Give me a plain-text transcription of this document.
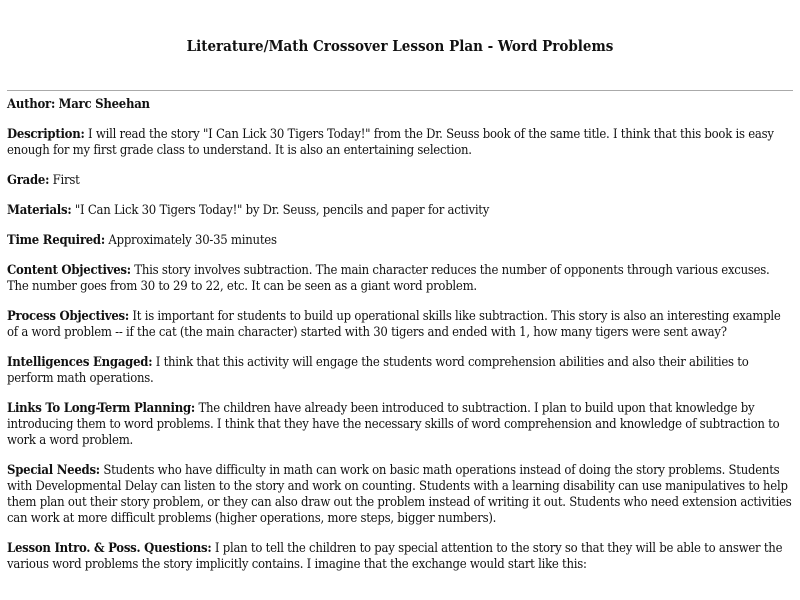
Literature/Math Crossover Lesson Plan - Word Problems

Author: Marc Sheehan

Description: I will read the story "I Can Lick 30 Tigers Today!" from the Dr. Seuss book of the same title. I think that this book is easy enough for my first grade class to understand. It is also an entertaining selection.

Grade: First

Materials: "I Can Lick 30 Tigers Today!" by Dr. Seuss, pencils and paper for activity

Time Required: Approximately 30-35 minutes

Content Objectives: This story involves subtraction. The main character reduces the number of opponents through various excuses. The number goes from 30 to 29 to 22, etc. It can be seen as a giant word problem.

Process Objectives: It is important for students to build up operational skills like subtraction. This story is also an interesting example of a word problem -- if the cat (the main character) started with 30 tigers and ended with 1, how many tigers were sent away?

Intelligences Engaged: I think that this activity will engage the students word comprehension abilities and also their abilities to perform math operations.

Links To Long-Term Planning: The children have already been introduced to subtraction. I plan to build upon that knowledge by introducing them to word problems. I think that they have the necessary skills of word comprehension and knowledge of subtraction to work a word problem.

Special Needs: Students who have difficulty in math can work on basic math operations instead of doing the story problems. Students with Developmental Delay can listen to the story and work on counting. Students with a learning disability can use manipulatives to help them plan out their story problem, or they can also draw out the problem instead of writing it out. Students who need extension activities can work at more difficult problems (higher operations, more steps, bigger numbers).

Lesson Intro. & Poss. Questions: I plan to tell the children to pay special attention to the story so that they will be able to answer the various word problems the story implicitly contains. I imagine that the exchange would start like this:
